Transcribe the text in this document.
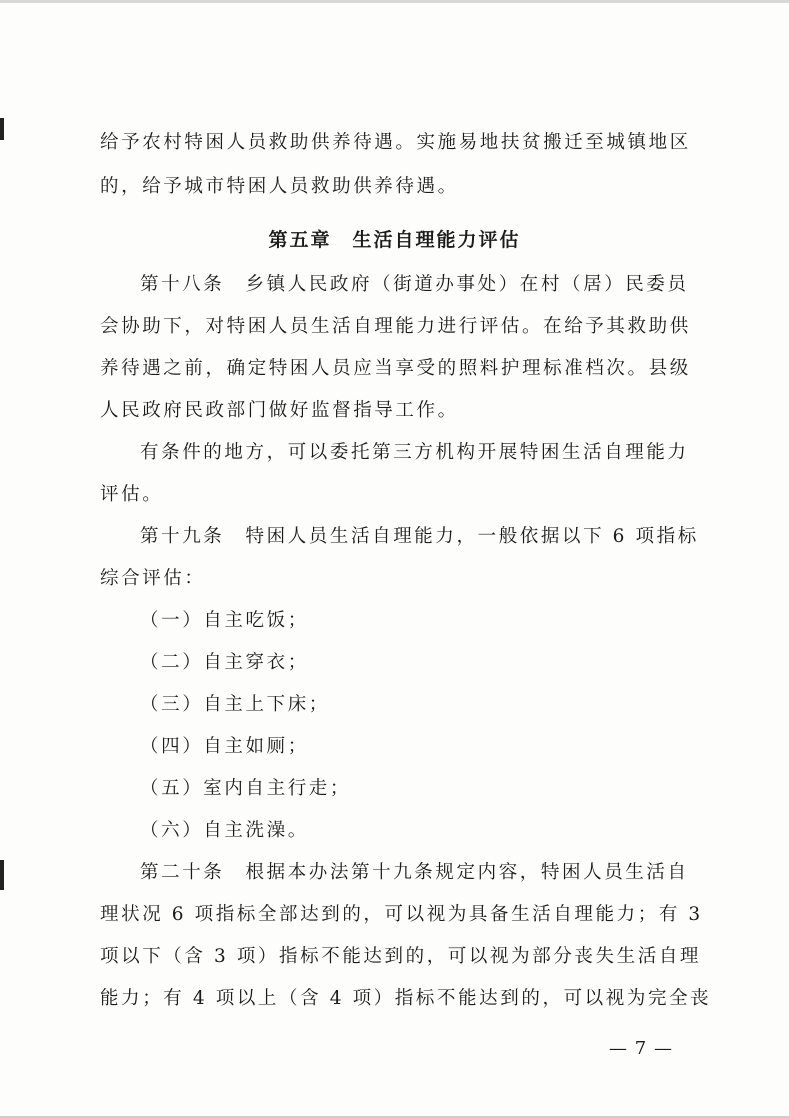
给予农村特困人员救助供养待遇。实施易地扶贫搬迁至城镇地区
的，给予城市特困人员救助供养待遇。
第五章　生活自理能力评估
第十八条　乡镇人民政府（街道办事处）在村（居）民委员
会协助下，对特困人员生活自理能力进行评估。在给予其救助供
养待遇之前，确定特困人员应当享受的照料护理标准档次。县级
人民政府民政部门做好监督指导工作。
有条件的地方，可以委托第三方机构开展特困生活自理能力
评估。
第十九条　特困人员生活自理能力，一般依据以下 6 项指标
综合评估：
（一）自主吃饭；
（二）自主穿衣；
（三）自主上下床；
（四）自主如厕；
（五）室内自主行走；
（六）自主洗澡。
第二十条　根据本办法第十九条规定内容，特困人员生活自
理状况 6 项指标全部达到的，可以视为具备生活自理能力；有 3
项以下（含 3 项）指标不能达到的，可以视为部分丧失生活自理
能力；有 4 项以上（含 4 项）指标不能达到的，可以视为完全丧
— 7 —
